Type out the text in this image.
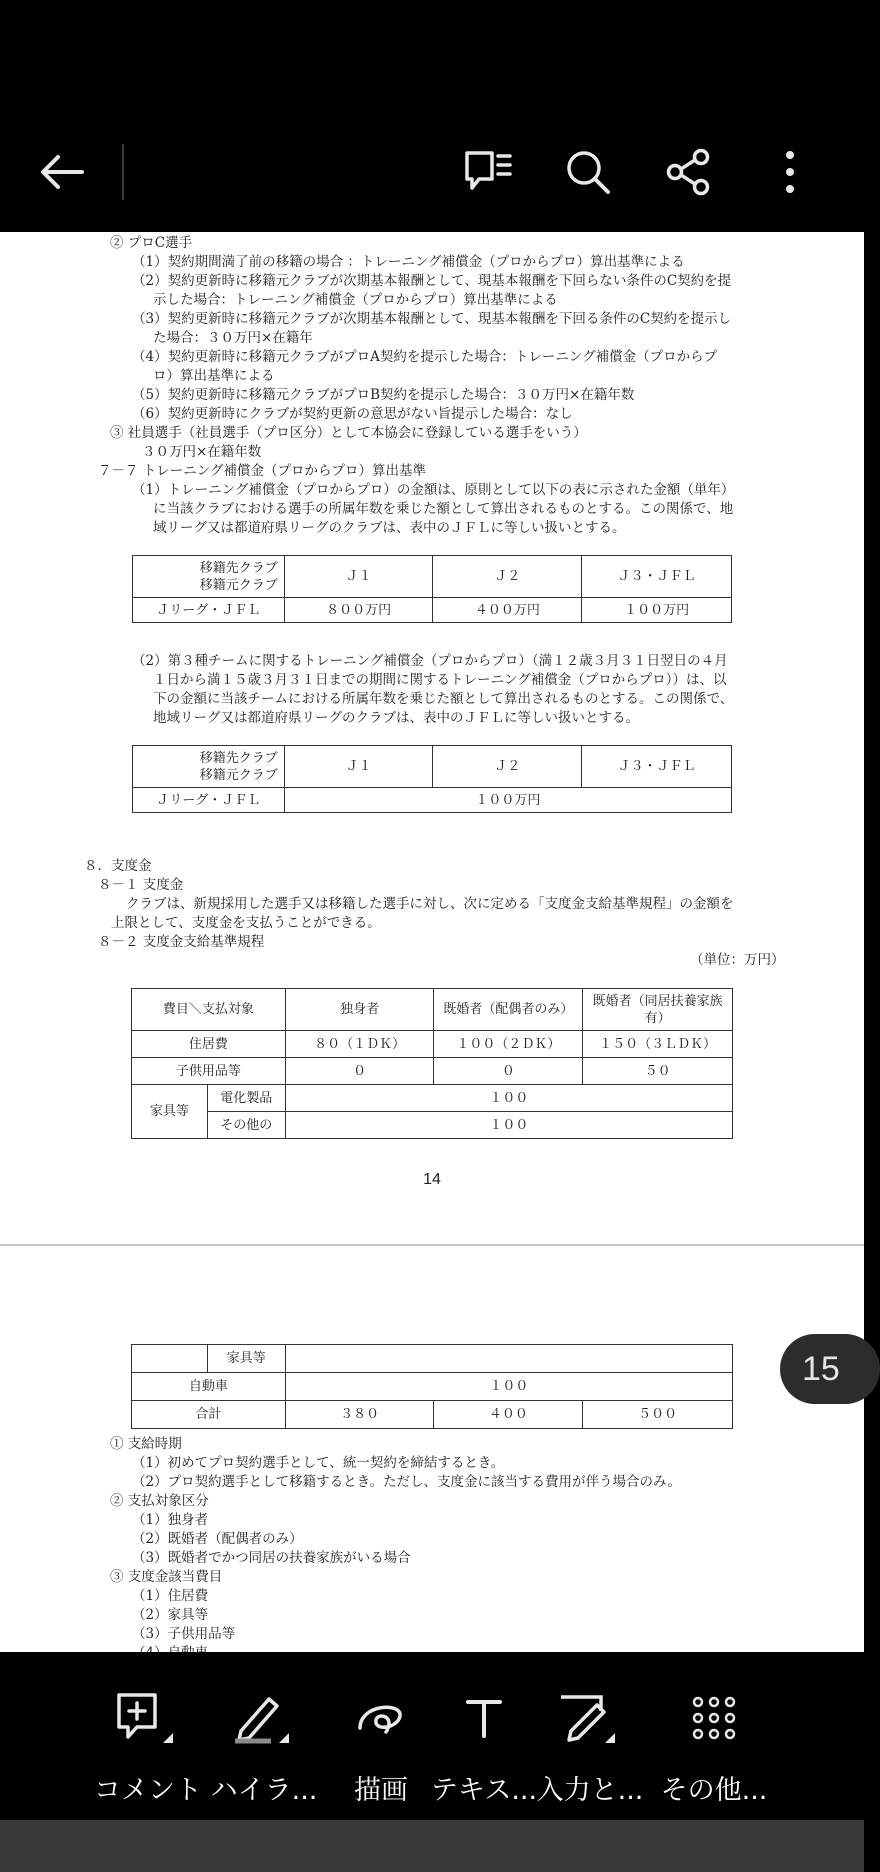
② プロC選手
（1）契約期間満了前の移籍の場合 ：トレーニング補償金（プロからプロ）算出基準による
（2）契約更新時に移籍元クラブが次期基本報酬として、現基本報酬を下回らない条件のC契約を提
示した場合：トレーニング補償金（プロからプロ）算出基準による
（3）契約更新時に移籍元クラブが次期基本報酬として、現基本報酬を下回る条件のC契約を提示し
た場合：３０万円×在籍年
（4）契約更新時に移籍元クラブがプロA契約を提示した場合：トレーニング補償金（プロからプ
ロ）算出基準による
（5）契約更新時に移籍元クラブがプロB契約を提示した場合：３０万円×在籍年数
（6）契約更新時にクラブが契約更新の意思がない旨提示した場合：なし
③ 社員選手（社員選手（プロ区分）として本協会に登録している選手をいう）
３０万円×在籍年数
７－７ トレーニング補償金（プロからプロ）算出基準
（1）トレーニング補償金（プロからプロ）の金額は、原則として以下の表に示された金額（単年）
に当該クラブにおける選手の所属年数を乗じた額として算出されるものとする。この関係で、地
域リーグ又は都道府県リーグのクラブは、表中のＪＦＬに等しい扱いとする。
移籍先クラブ
移籍元クラブ	Ｊ１	Ｊ２	Ｊ３・ＪＦＬ
Ｊリーグ・ＪＦＬ	８００万円	４００万円	１００万円
（2）第３種チームに関するトレーニング補償金（プロからプロ）（満１２歳３月３１日翌日の４月
１日から満１５歳３月３１日までの期間に関するトレーニング補償金（プロからプロ））は、以
下の金額に当該チームにおける所属年数を乗じた額として算出されるものとする。この関係で、
地域リーグ又は都道府県リーグのクラブは、表中のＪＦＬに等しい扱いとする。
移籍先クラブ
移籍元クラブ	Ｊ１	Ｊ２	Ｊ３・ＪＦＬ
Ｊリーグ・ＪＦＬ	１００万円		
８．支度金
８－１ 支度金
クラブは、新規採用した選手又は移籍した選手に対し、次に定める「支度金支給基準規程」の金額を
上限として、支度金を支払うことができる。
８－２ 支度金支給基準規程
（単位：万円）
費目＼支払対象		独身者	既婚者（配偶者のみ）	既婚者（同居扶養家族有）
住居費		８０（１ＤＫ）	１００（２ＤＫ）	１５０（３ＬＤＫ）
子供用品等		０	０	５０
家具等	電化製品	１００		
	その他の	１００		
14
	家具等			
自動車		１００		
合計		３８０	４００	５００
① 支給時期
（1）初めてプロ契約選手として、統一契約を締結するとき。
（2）プロ契約選手として移籍するとき。ただし、支度金に該当する費用が伴う場合のみ。
② 支払対象区分
（1）独身者
（2）既婚者（配偶者のみ）
（3）既婚者でかつ同居の扶養家族がいる場合
③ 支度金該当費目
（1）住居費
（2）家具等
（3）子供用品等
15
コメント ハイラ... 描画 テキス... 入力と... その他...
